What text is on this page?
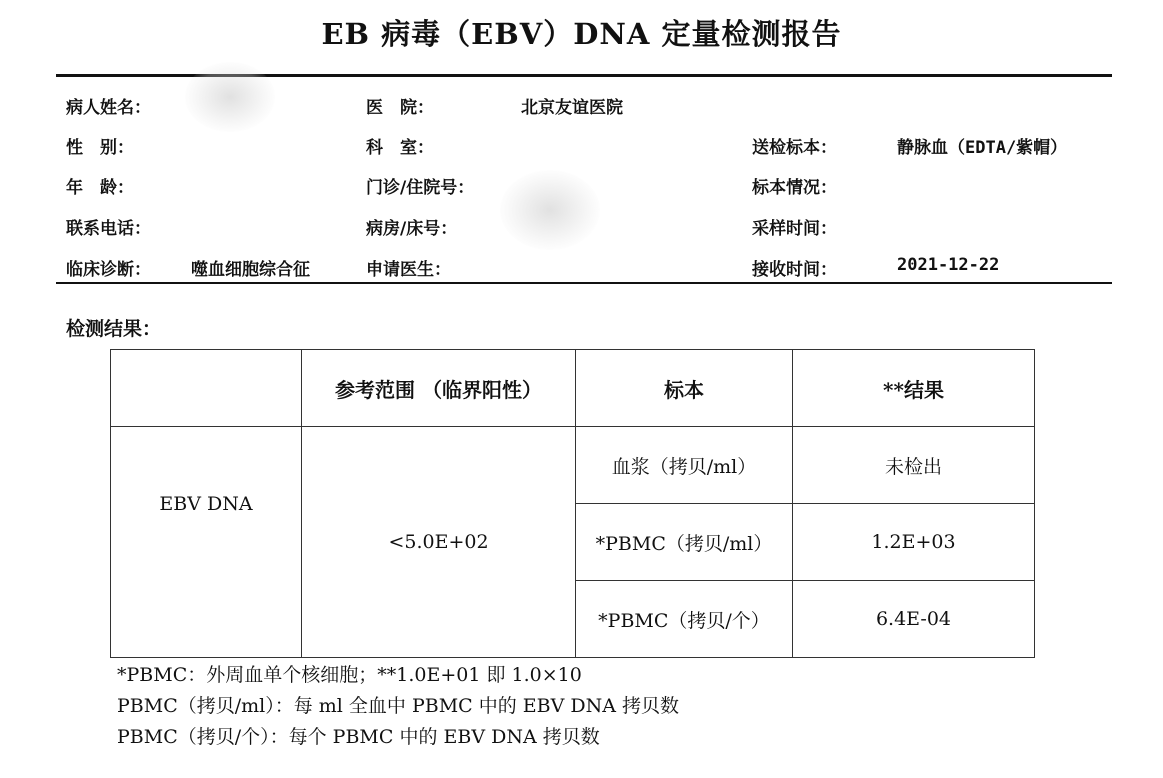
EB 病毒（EBV）DNA 定量检测报告
病人姓名：
性　别：
年　龄：
联系电话：
临床诊断： 噬血细胞综合征
医　院：	北京友谊医院
科　室：
门诊/住院号：
病房/床号：
申请医生：
送检标本：	静脉血（EDTA/紫帽）
标本情况：
采样时间：
接收时间：	2021-12-22
检测结果：
	参考范围 （临界阳性）	标本	**结果
EBV DNA	<5.0E+02	血浆（拷贝/ml）	未检出
		*PBMC（拷贝/ml）	1.2E+03
		*PBMC（拷贝/个）	6.4E-04
*PBMC：外周血单个核细胞；**1.0E+01 即 1.0×10
PBMC（拷贝/ml）：每 ml 全血中 PBMC 中的 EBV DNA 拷贝数
PBMC（拷贝/个）：每个 PBMC 中的 EBV DNA 拷贝数
